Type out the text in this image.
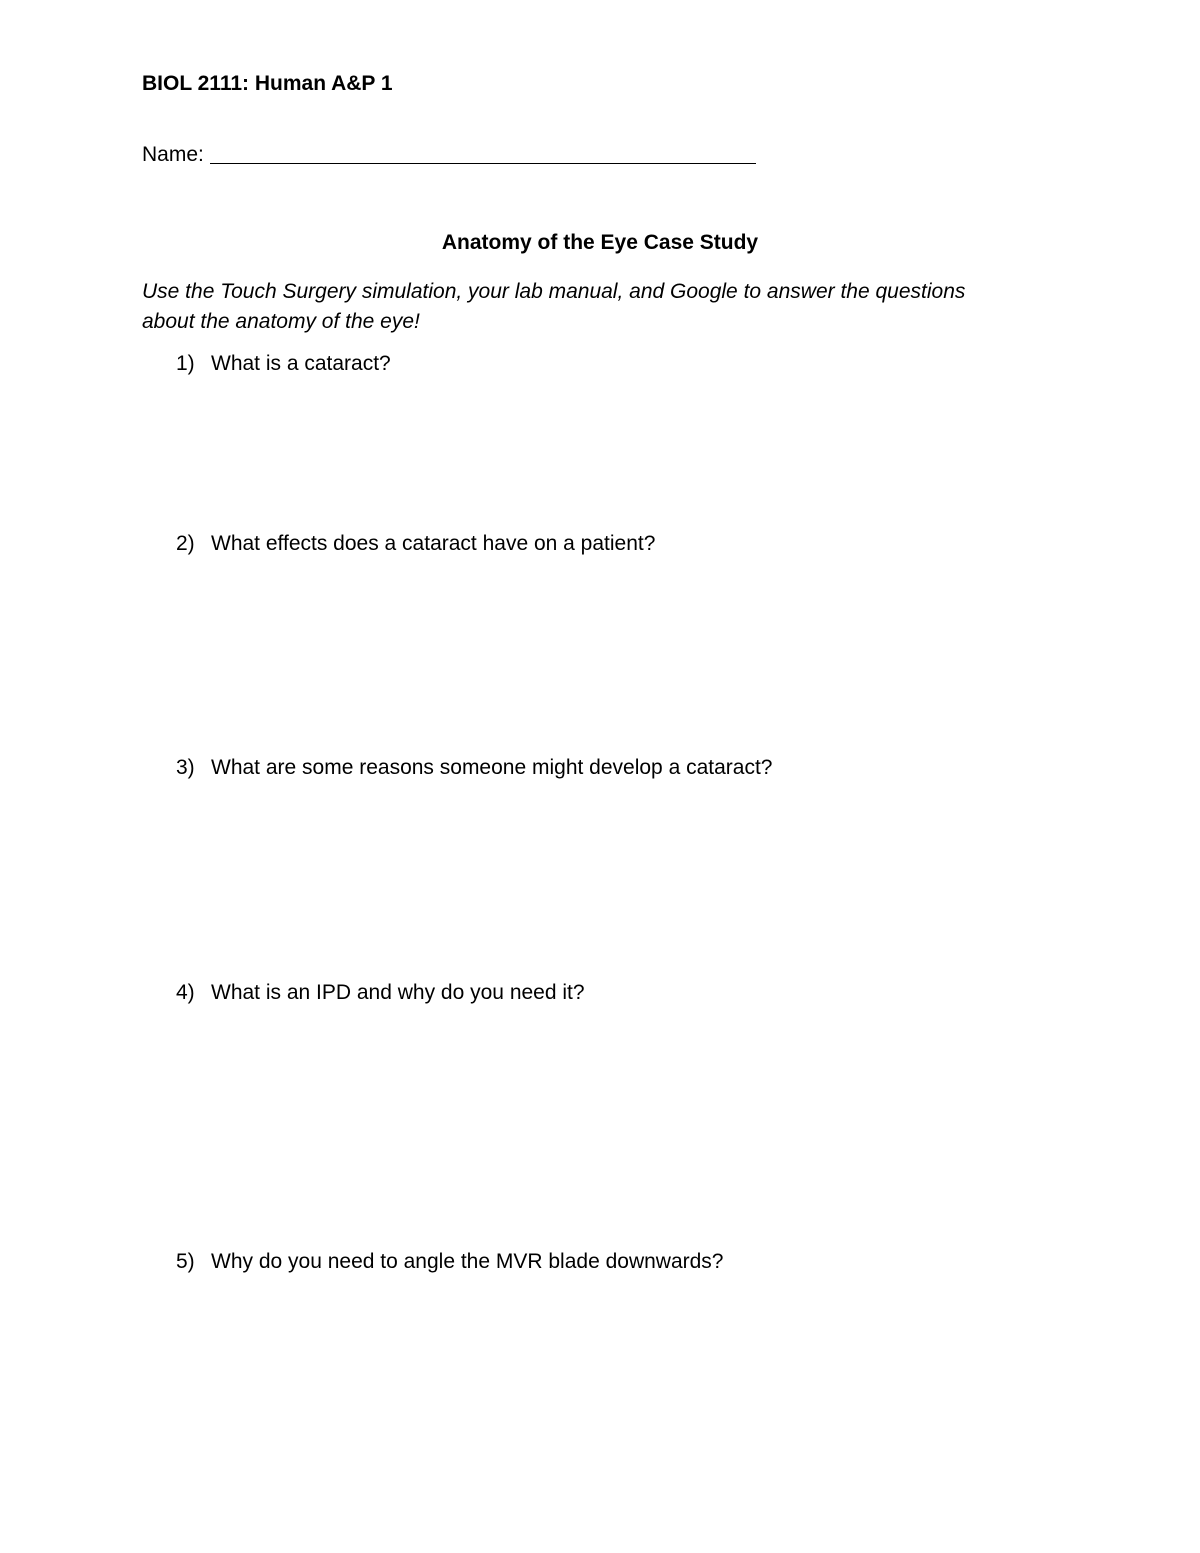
BIOL 2111: Human A&P 1
Name:
Anatomy of the Eye Case Study
Use the Touch Surgery simulation, your lab manual, and Google to answer the questions about the anatomy of the eye!
1) What is a cataract?
2) What effects does a cataract have on a patient?
3) What are some reasons someone might develop a cataract?
4) What is an IPD and why do you need it?
5) Why do you need to angle the MVR blade downwards?
